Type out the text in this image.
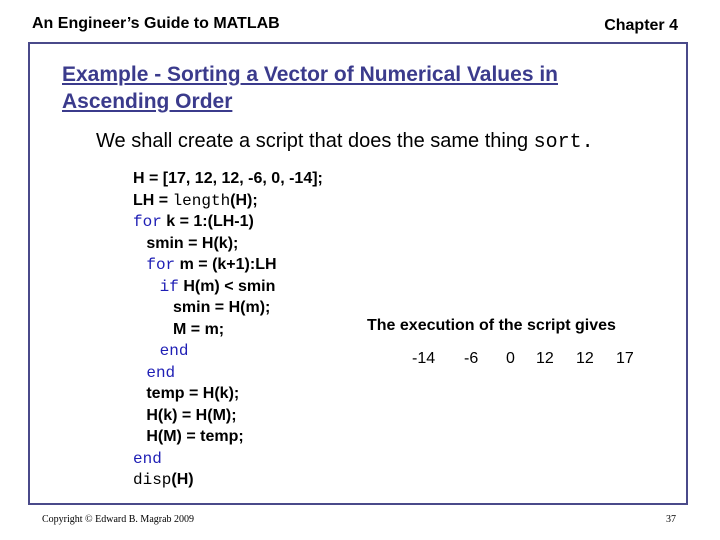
An Engineer’s Guide to MATLAB	Chapter 4
Example - Sorting a Vector of Numerical Values in Ascending Order
We shall create a script that does the same thing sort.
H = [17, 12, 12, -6, 0, -14];
LH = length(H);
for k = 1:(LH-1)
smin = H(k);
for m = (k+1):LH
if H(m) < smin
smin = H(m);
M = m;
end
end
temp = H(k);
H(k) = H(M);
H(M) = temp;
end
disp(H)
The execution of the script gives
-14	-6	0	12	12	17
Copyright © Edward B. Magrab 2009	37
